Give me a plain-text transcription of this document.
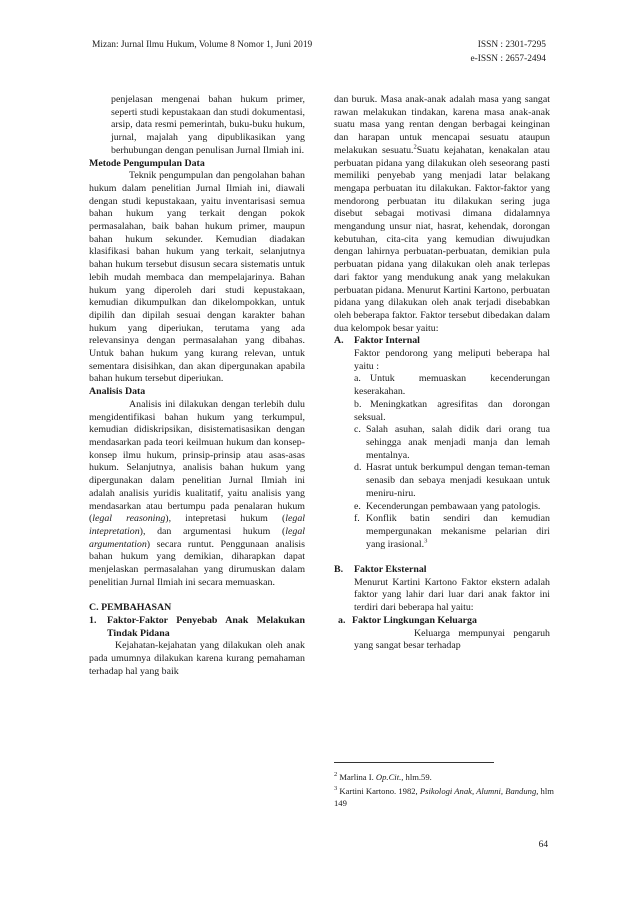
Mizan: Jurnal Ilmu Hukum, Volume 8 Nomor 1, Juni 2019	ISSN : 2301-7295
e-ISSN : 2657-2494

penjelasan mengenai bahan hukum primer, seperti studi kepustakaan dan studi dokumentasi, arsip, data resmi pemerintah, buku-buku hukum, jurnal, majalah yang dipublikasikan yang berhubungan dengan penulisan Jurnal Ilmiah ini.

Metode Pengumpulan Data

Teknik pengumpulan dan pengolahan bahan hukum dalam penelitian Jurnal Ilmiah ini, diawali dengan studi kepustakaan, yaitu inventarisasi semua bahan hukum yang terkait dengan pokok permasalahan, baik bahan hukum primer, maupun bahan hukum sekunder. Kemudian diadakan klasifikasi bahan hukum yang terkait, selanjutnya bahan hukum tersebut disusun secara sistematis untuk lebih mudah membaca dan mempelajarinya. Bahan hukum yang diperoleh dari studi kepustakaan, kemudian dikumpulkan dan dikelompokkan, untuk dipilih dan dipilah sesuai dengan karakter bahan hukum yang diperiukan, terutama yang ada relevansinya dengan permasalahan yang dibahas. Untuk bahan hukum yang kurang relevan, untuk sementara disisihkan, dan akan dipergunakan apabila bahan hukum tersebut diperiukan.

Analisis Data

Analisis ini dilakukan dengan terlebih dulu mengidentifikasi bahan hukum yang terkumpul, kemudian didiskripsikan, disistematisasikan dengan mendasarkan pada teori keilmuan hukum dan konsep-konsep ilmu hukum, prinsip-prinsip atau asas-asas hukum. Selanjutnya, analisis bahan hukum yang dipergunakan dalam penelitian Jurnal Ilmiah ini adalah analisis yuridis kualitatif, yaitu analisis yang mendasarkan atau bertumpu pada penalaran hukum (legal reasoning), intepretasi hukum (legal intepretation), dan argumentasi hukum (legal argumentation) secara runtut. Penggunaan analisis bahan hukum yang demikian, diharapkan dapat menjelaskan permasalahan yang dirumuskan dalam penelitian Jurnal Ilmiah ini secara memuaskan.

C. PEMBAHASAN

1.	Faktor-Faktor Penyebab Anak Melakukan Tindak Pidana

Kejahatan-kejahatan yang dilakukan oleh anak pada umumnya dilakukan karena kurang pemahaman terhadap hal yang baik

dan buruk. Masa anak-anak adalah masa yang sangat rawan melakukan tindakan, karena masa anak-anak suatu masa yang rentan dengan berbagai keinginan dan harapan untuk mencapai sesuatu ataupun melakukan sesuatu.$^2$Suatu kejahatan, kenakalan atau perbuatan pidana yang dilakukan oleh seseorang pasti memiliki penyebab yang menjadi latar belakang mengapa perbuatan itu dilakukan. Faktor-faktor yang mendorong perbuatan itu dilakukan sering juga disebut sebagai motivasi dimana didalamnya mengandung unsur niat, hasrat, kehendak, dorongan kebutuhan, cita-cita yang kemudian diwujudkan dengan lahirnya perbuatan-perbuatan, demikian pula perbuatan pidana yang dilakukan oleh anak terlepas dari faktor yang mendukung anak yang melakukan perbuatan pidana. Menurut Kartini Kartono, perbuatan pidana yang dilakukan oleh anak terjadi disebabkan oleh beberapa faktor. Faktor tersebut dibedakan dalam dua kelompok besar yaitu:

A.	Faktor Internal

Faktor pendorong yang meliputi beberapa hal yaitu :

a. Untuk memuaskan kecenderungan keserakahan.
b. Meningkatkan agresifitas dan dorongan seksual.
c. Salah asuhan, salah didik dari orang tua sehingga anak menjadi manja dan lemah mentalnya.
d. Hasrat untuk berkumpul dengan teman-teman senasib dan sebaya menjadi kesukaan untuk meniru-niru.
e. Kecenderungan pembawaan yang patologis.
f. Konflik batin sendiri dan kemudian mempergunakan mekanisme pelarian diri yang irasional.$^3$
B.	Faktor Eksternal

Menurut Kartini Kartono Faktor ekstern adalah faktor yang lahir dari luar dari anak faktor ini terdiri dari beberapa hal yaitu:

a. Faktor Lingkungan Keluarga

Keluarga mempunyai pengaruh yang sangat besar terhadap

$^2$ Marlina I. Op.Cit., hlm.59.
$^3$ Kartini Kartono. 1982, Psikologi Anak, Alumni, Bandung, hlm 149
64
